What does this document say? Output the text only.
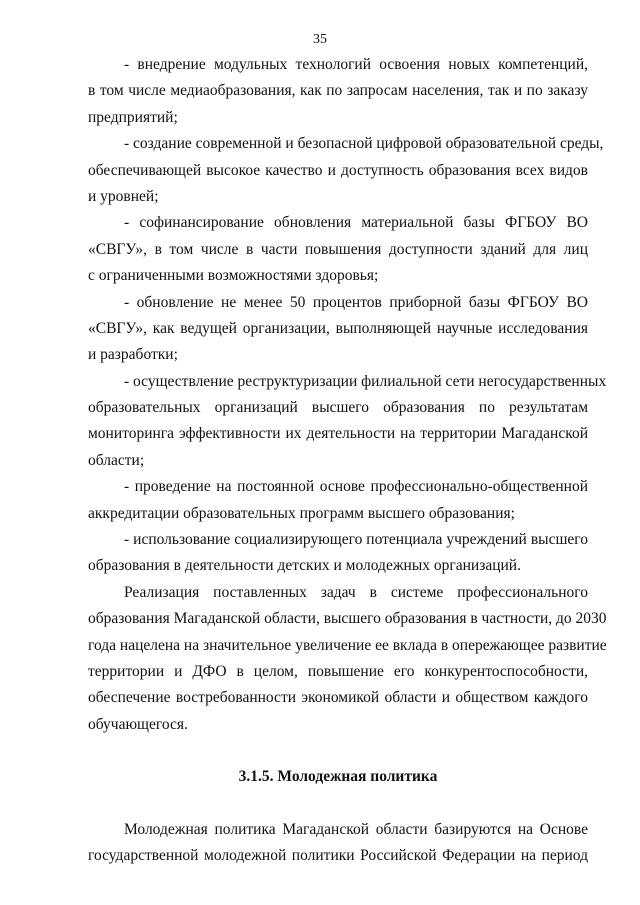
35
- внедрение модульных технологий освоения новых компетенций,
в том числе медиаобразования, как по запросам населения, так и по заказу
предприятий;
- создание современной и безопасной цифровой образовательной среды,
обеспечивающей высокое качество и доступность образования всех видов
и уровней;
- софинансирование обновления материальной базы ФГБОУ ВО
«СВГУ», в том числе в части повышения доступности зданий для лиц
с ограниченными возможностями здоровья;
- обновление не менее 50 процентов приборной базы ФГБОУ ВО
«СВГУ», как ведущей организации, выполняющей научные исследования
и разработки;
- осуществление реструктуризации филиальной сети негосударственных
образовательных организаций высшего образования по результатам
мониторинга эффективности их деятельности на территории Магаданской
области;
- проведение на постоянной основе профессионально-общественной
аккредитации образовательных программ высшего образования;
- использование социализирующего потенциала учреждений высшего
образования в деятельности детских и молодежных организаций.
Реализация поставленных задач в системе профессионального
образования Магаданской области, высшего образования в частности, до 2030
года нацелена на значительное увеличение ее вклада в опережающее развитие
территории и ДФО в целом, повышение его конкурентоспособности,
обеспечение востребованности экономикой области и обществом каждого
обучающегося.
3.1.5. Молодежная политика
Молодежная политика Магаданской области базируются на Основе
государственной молодежной политики Российской Федерации на период
